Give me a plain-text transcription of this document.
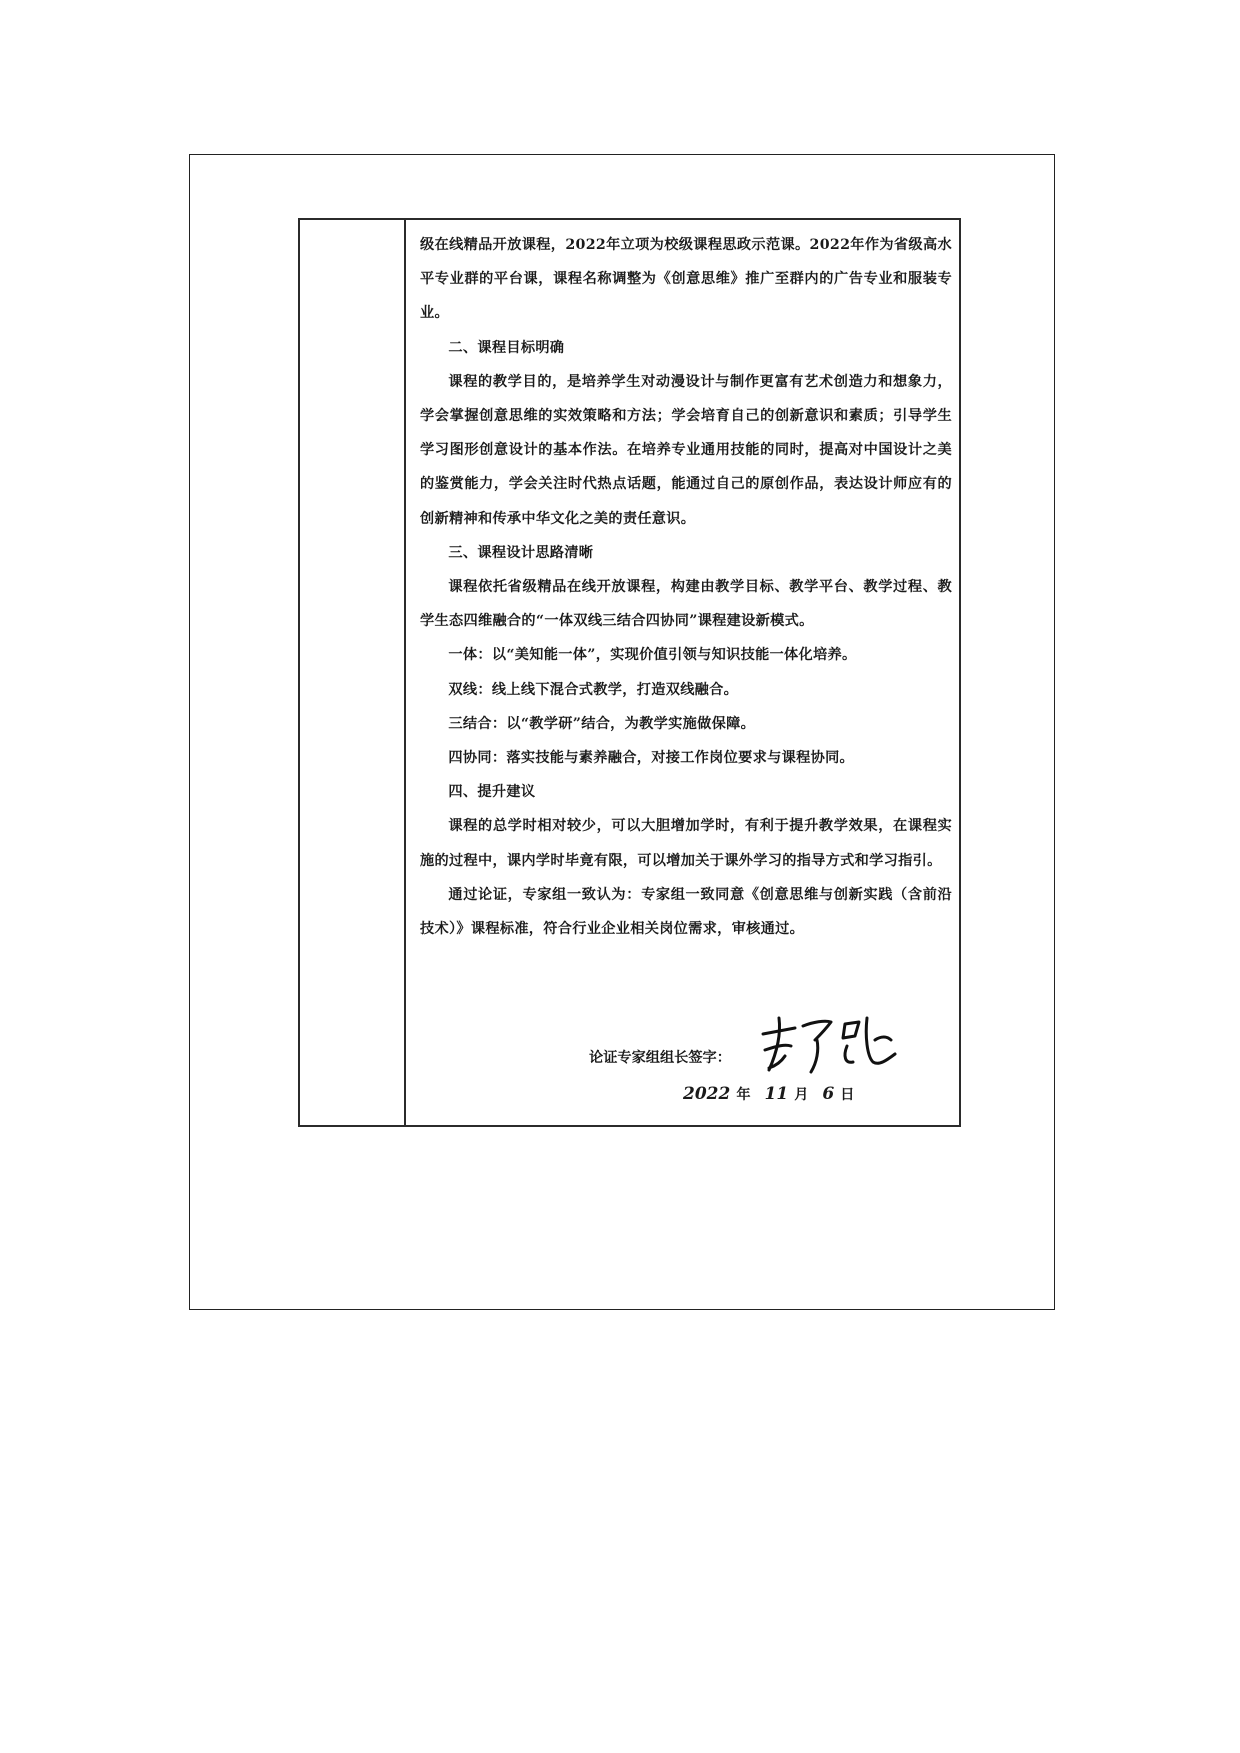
级在线精品开放课程，2022年立项为校级课程思政示范课。2022年作为省级高水平专业群的平台课，课程名称调整为《创意思维》推广至群内的广告专业和服装专业。

二、课程目标明确

课程的教学目的，是培养学生对动漫设计与制作更富有艺术创造力和想象力，学会掌握创意思维的实效策略和方法；学会培育自己的创新意识和素质；引导学生学习图形创意设计的基本作法。在培养专业通用技能的同时，提高对中国设计之美的鉴赏能力，学会关注时代热点话题，能通过自己的原创作品，表达设计师应有的创新精神和传承中华文化之美的责任意识。

三、课程设计思路清晰

课程依托省级精品在线开放课程，构建由教学目标、教学平台、教学过程、教学生态四维融合的“一体双线三结合四协同”课程建设新模式。

一体：以“美知能一体”，实现价值引领与知识技能一体化培养。

双线：线上线下混合式教学，打造双线融合。

三结合：以“教学研”结合，为教学实施做保障。

四协同：落实技能与素养融合，对接工作岗位要求与课程协同。

四、提升建议

课程的总学时相对较少，可以大胆增加学时，有利于提升教学效果，在课程实施的过程中，课内学时毕竟有限，可以增加关于课外学习的指导方式和学习指引。

通过论证，专家组一致认为：专家组一致同意《创意思维与创新实践（含前沿技术）》课程标准，符合行业企业相关岗位需求，审核通过。

论证专家组组长签字：
2022 年 11 月 6 日
